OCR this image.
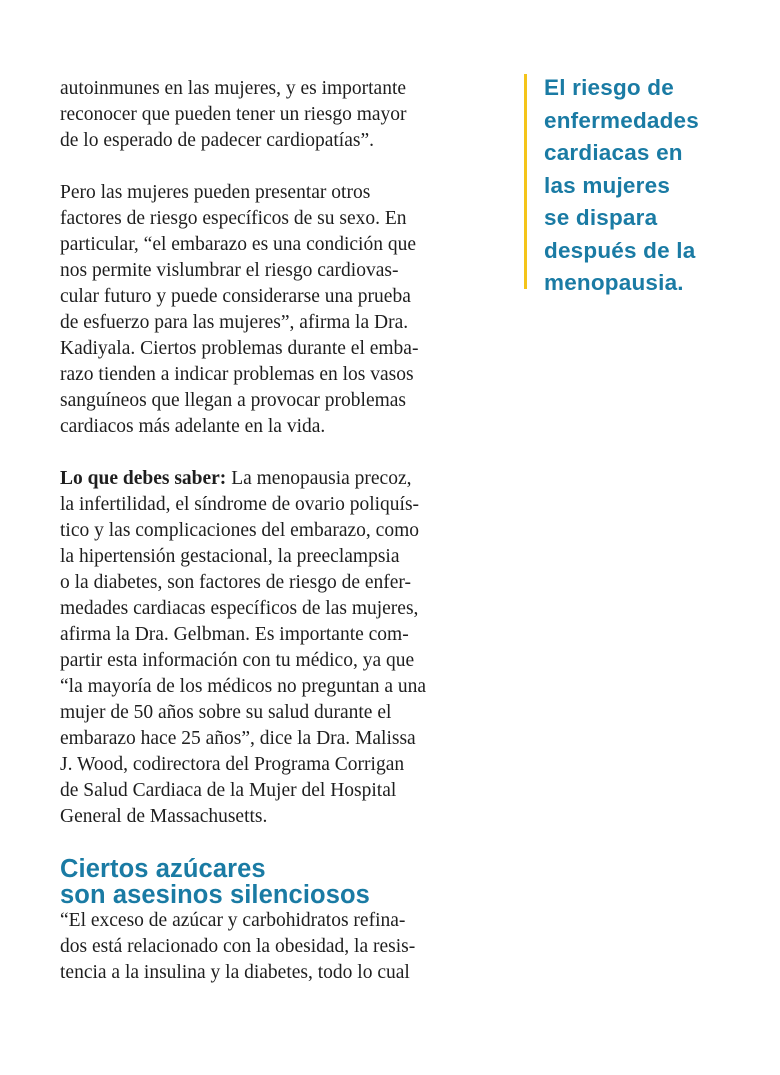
autoinmunes en las mujeres, y es importante
reconocer que pueden tener un riesgo mayor
de lo esperado de padecer cardiopatías”.

Pero las mujeres pueden presentar otros
factores de riesgo específicos de su sexo. En
particular, “el embarazo es una condición que
nos permite vislumbrar el riesgo cardiovas-
cular futuro y puede considerarse una prueba
de esfuerzo para las mujeres”, afirma la Dra.
Kadiyala. Ciertos problemas durante el emba-
razo tienden a indicar problemas en los vasos
sanguíneos que llegan a provocar problemas
cardiacos más adelante en la vida.

Lo que debes saber: La menopausia precoz,
la infertilidad, el síndrome de ovario poliquís-
tico y las complicaciones del embarazo, como
la hipertensión gestacional, la preeclampsia
o la diabetes, son factores de riesgo de enfer-
medades cardiacas específicos de las mujeres,
afirma la Dra. Gelbman. Es importante com-
partir esta información con tu médico, ya que
“la mayoría de los médicos no preguntan a una
mujer de 50 años sobre su salud durante el
embarazo hace 25 años”, dice la Dra. Malissa
J. Wood, codirectora del Programa Corrigan
de Salud Cardiaca de la Mujer del Hospital
General de Massachusetts.

Ciertos azúcares
son asesinos silenciosos

“El exceso de azúcar y carbohidratos refina-
dos está relacionado con la obesidad, la resis-
tencia a la insulina y la diabetes, todo lo cual

El riesgo de
enfermedades
cardiacas en
las mujeres
se dispara
después de la
menopausia.
